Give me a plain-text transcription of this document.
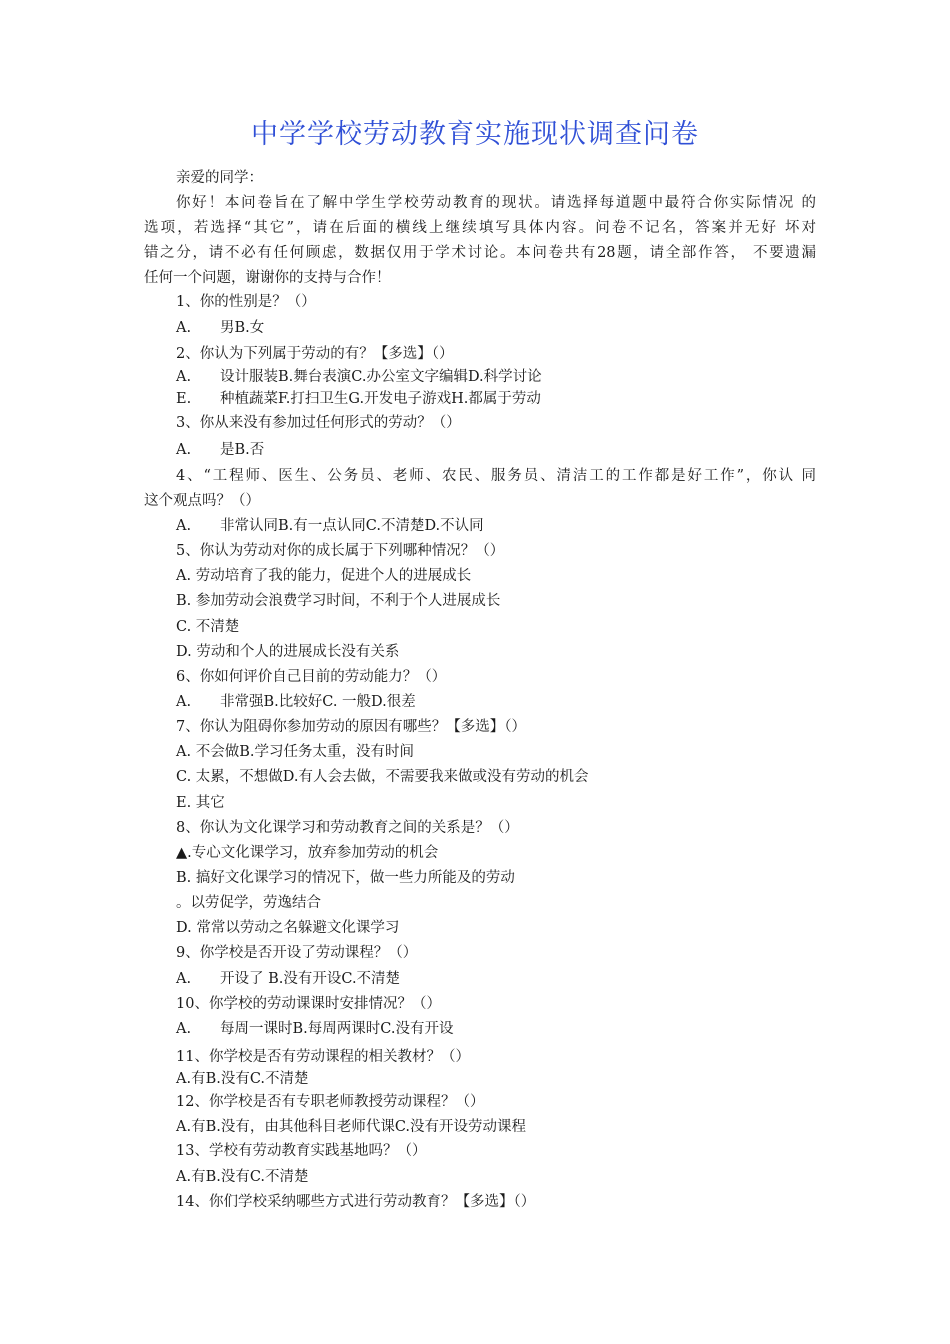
中学学校劳动教育实施现状调查问卷
亲爱的同学：
你好！本问卷旨在了解中学生学校劳动教育的现状。请选择每道题中最符合你实际情况 的
选项，若选择“其它”，请在后面的横线上继续填写具体内容。问卷不记名，答案并无好 坏对
错之分，请不必有任何顾虑，数据仅用于学术讨论。本问卷共有28题，请全部作答， 不要遗漏
任何一个问题，谢谢你的支持与合作！
1、你的性别是？（）
A. 男B.女
2、你认为下列属于劳动的有？【多选】（）
A. 设计服装B.舞台表演C.办公室文字编辑D.科学讨论
E. 种植蔬菜F.打扫卫生G.开发电子游戏H.都属于劳动
3、你从来没有参加过任何形式的劳动？（）
A. 是B.否
4、“工程师、医生、公务员、老师、农民、服务员、清洁工的工作都是好工作”，你认 同
这个观点吗？（）
A. 非常认同B.有一点认同C.不清楚D.不认同
5、你认为劳动对你的成长属于下列哪种情况？（）
A. 劳动培育了我的能力，促进个人的进展成长
B. 参加劳动会浪费学习时间，不利于个人进展成长
C. 不清楚
D. 劳动和个人的进展成长没有关系
6、你如何评价自己目前的劳动能力？（）
A. 非常强B.比较好C. 一般D.很差
7、你认为阻碍你参加劳动的原因有哪些？【多选】（）
A. 不会做B.学习任务太重，没有时间
C. 太累，不想做D.有人会去做，不需要我来做或没有劳动的机会
E. 其它
8、你认为文化课学习和劳动教育之间的关系是？（）
▲.专心文化课学习，放弃参加劳动的机会
B. 搞好文化课学习的情况下，做一些力所能及的劳动
。以劳促学，劳逸结合
D. 常常以劳动之名躲避文化课学习
9、你学校是否开设了劳动课程？（）
A. 开设了 B.没有开设C.不清楚
10、你学校的劳动课课时安排情况？（）
A. 每周一课时B.每周两课时C.没有开设
11、你学校是否有劳动课程的相关教材？（）
A.有B.没有C.不清楚
12、你学校是否有专职老师教授劳动课程？（）
A.有B.没有，由其他科目老师代课C.没有开设劳动课程
13、学校有劳动教育实践基地吗？（）
A.有B.没有C.不清楚
14、你们学校采纳哪些方式进行劳动教育？【多选】（）
